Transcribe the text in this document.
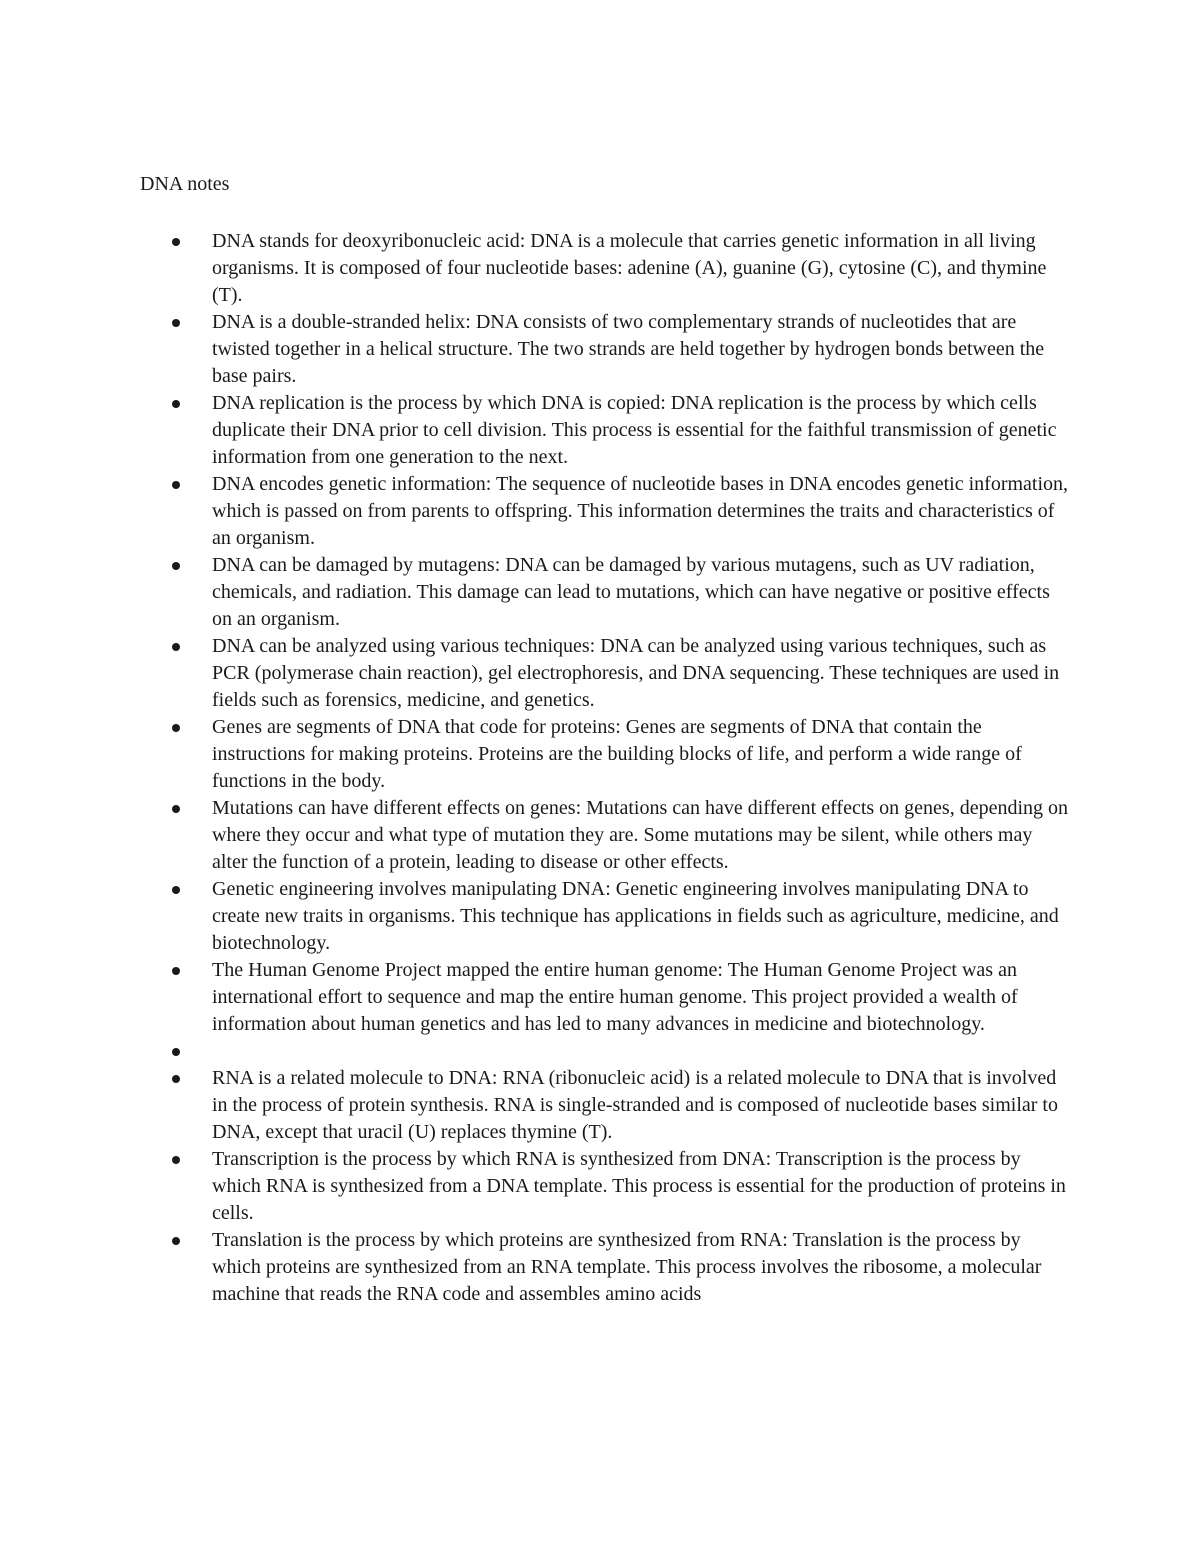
DNA notes
DNA stands for deoxyribonucleic acid: DNA is a molecule that carries genetic information in all living organisms. It is composed of four nucleotide bases: adenine (A), guanine (G), cytosine (C), and thymine (T).
DNA is a double-stranded helix: DNA consists of two complementary strands of nucleotides that are twisted together in a helical structure. The two strands are held together by hydrogen bonds between the base pairs.
DNA replication is the process by which DNA is copied: DNA replication is the process by which cells duplicate their DNA prior to cell division. This process is essential for the faithful transmission of genetic information from one generation to the next.
DNA encodes genetic information: The sequence of nucleotide bases in DNA encodes genetic information, which is passed on from parents to offspring. This information determines the traits and characteristics of an organism.
DNA can be damaged by mutagens: DNA can be damaged by various mutagens, such as UV radiation, chemicals, and radiation. This damage can lead to mutations, which can have negative or positive effects on an organism.
DNA can be analyzed using various techniques: DNA can be analyzed using various techniques, such as PCR (polymerase chain reaction), gel electrophoresis, and DNA sequencing. These techniques are used in fields such as forensics, medicine, and genetics.
Genes are segments of DNA that code for proteins: Genes are segments of DNA that contain the instructions for making proteins. Proteins are the building blocks of life, and perform a wide range of functions in the body.
Mutations can have different effects on genes: Mutations can have different effects on genes, depending on where they occur and what type of mutation they are. Some mutations may be silent, while others may alter the function of a protein, leading to disease or other effects.
Genetic engineering involves manipulating DNA: Genetic engineering involves manipulating DNA to create new traits in organisms. This technique has applications in fields such as agriculture, medicine, and biotechnology.
The Human Genome Project mapped the entire human genome: The Human Genome Project was an international effort to sequence and map the entire human genome. This project provided a wealth of information about human genetics and has led to many advances in medicine and biotechnology.
RNA is a related molecule to DNA: RNA (ribonucleic acid) is a related molecule to DNA that is involved in the process of protein synthesis. RNA is single-stranded and is composed of nucleotide bases similar to DNA, except that uracil (U) replaces thymine (T).
Transcription is the process by which RNA is synthesized from DNA: Transcription is the process by which RNA is synthesized from a DNA template. This process is essential for the production of proteins in cells.
Translation is the process by which proteins are synthesized from RNA: Translation is the process by which proteins are synthesized from an RNA template. This process involves the ribosome, a molecular machine that reads the RNA code and assembles amino acids
